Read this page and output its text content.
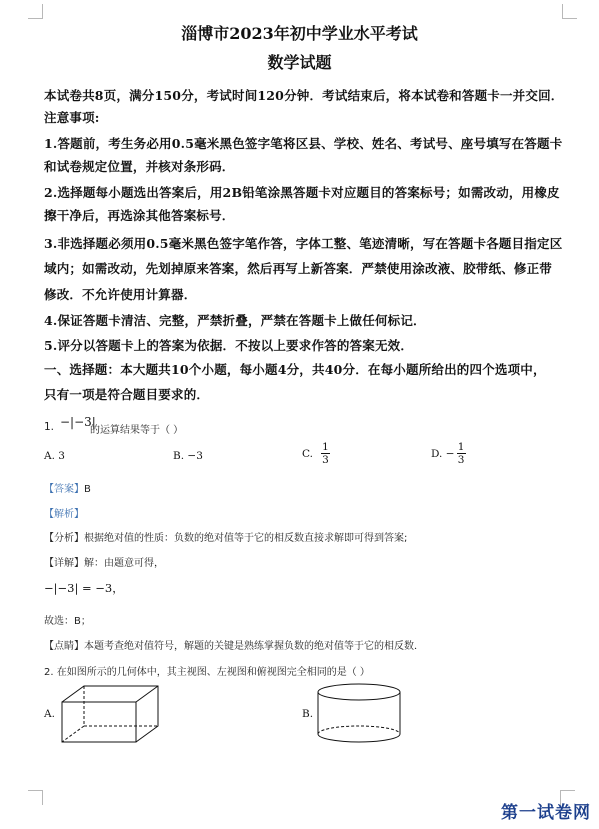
淄博市2023年初中学业水平考试
数学试题
本试卷共8页，满分150分，考试时间120分钟．考试结束后，将本试卷和答题卡一并交回．
注意事项:
1.答题前，考生务必用0.5毫米黑色签字笔将区县、学校、姓名、考试号、座号填写在答题卡
和试卷规定位置，并核对条形码．
2.选择题每小题选出答案后，用2B铅笔涂黑答题卡对应题目的答案标号；如需改动，用橡皮
擦干净后，再选涂其他答案标号．
3.非选择题必须用0.5毫米黑色签字笔作答，字体工整、笔迹清晰，写在答题卡各题目指定区
域内；如需改动，先划掉原来答案，然后再写上新答案．严禁使用涂改液、胶带纸、修正带
修改．不允许使用计算器．
4.保证答题卡清洁、完整，严禁折叠，严禁在答题卡上做任何标记．
5.评分以答题卡上的答案为依据．不按以上要求作答的答案无效．
一、选择题：本大题共10个小题，每小题4分，共40分．在每小题所给出的四个选项中，
只有一项是符合题目要求的．
1. −|−3|
的运算结果等于（ ）
A. 3	B. −3	C. $\frac{1}{3}$	D. − $\frac{1}{3}$
【答案】B
【解析】
【分析】根据绝对值的性质：负数的绝对值等于它的相反数直接求解即可得到答案;
【详解】解：由题意可得，
−|−3| = −3，
故选：B；
【点睛】本题考查绝对值符号，解题的关键是熟练掌握负数的绝对值等于它的相反数．
2. 在如图所示的几何体中，其主视图、左视图和俯视图完全相同的是（ ）
A.	B.
第一试卷网
